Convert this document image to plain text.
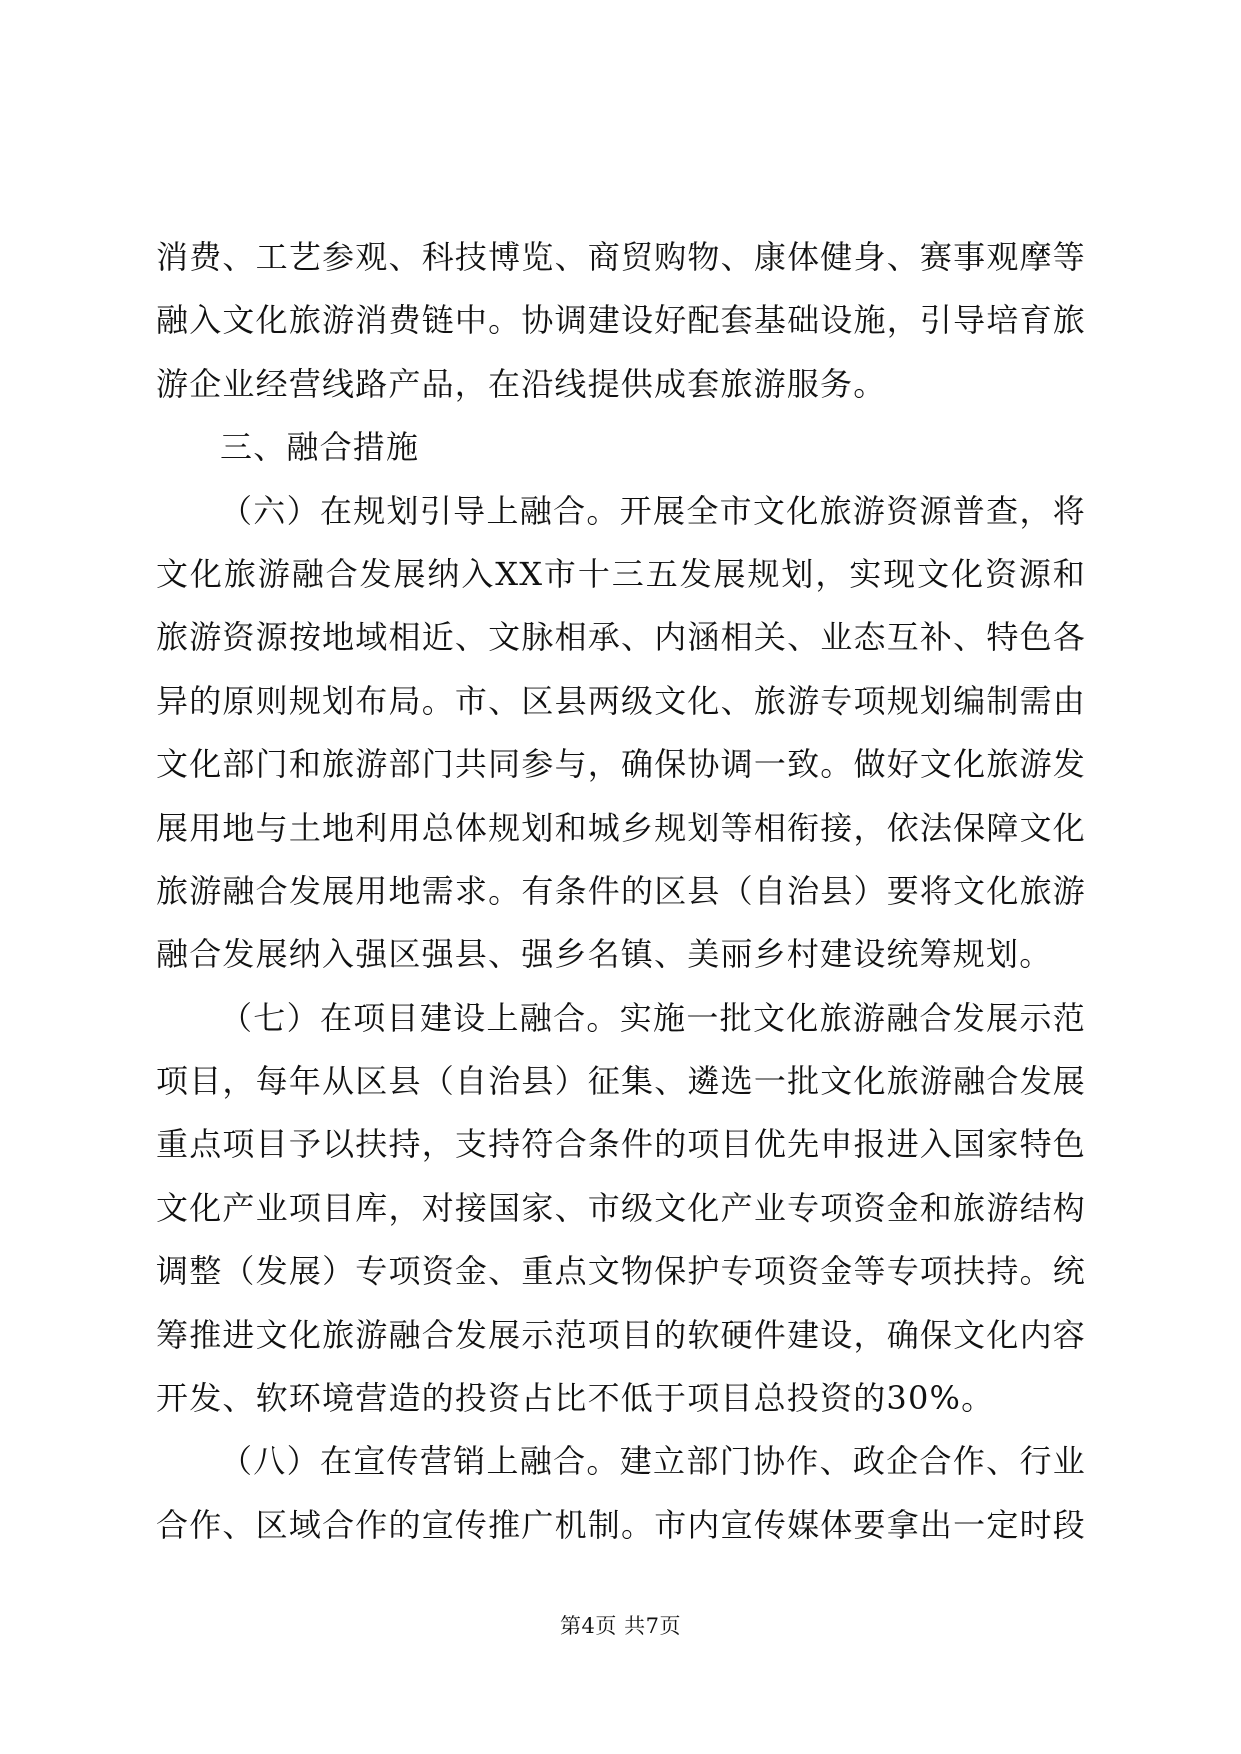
消费、工艺参观、科技博览、商贸购物、康体健身、赛事观摩等
融入文化旅游消费链中。协调建设好配套基础设施，引导培育旅
游企业经营线路产品，在沿线提供成套旅游服务。
三、融合措施
（六）在规划引导上融合。开展全市文化旅游资源普查，将
文化旅游融合发展纳入XX市十三五发展规划，实现文化资源和
旅游资源按地域相近、文脉相承、内涵相关、业态互补、特色各
异的原则规划布局。市、区县两级文化、旅游专项规划编制需由
文化部门和旅游部门共同参与，确保协调一致。做好文化旅游发
展用地与土地利用总体规划和城乡规划等相衔接，依法保障文化
旅游融合发展用地需求。有条件的区县（自治县）要将文化旅游
融合发展纳入强区强县、强乡名镇、美丽乡村建设统筹规划。
（七）在项目建设上融合。实施一批文化旅游融合发展示范
项目，每年从区县（自治县）征集、遴选一批文化旅游融合发展
重点项目予以扶持，支持符合条件的项目优先申报进入国家特色
文化产业项目库，对接国家、市级文化产业专项资金和旅游结构
调整（发展）专项资金、重点文物保护专项资金等专项扶持。统
筹推进文化旅游融合发展示范项目的软硬件建设，确保文化内容
开发、软环境营造的投资占比不低于项目总投资的30%。
（八）在宣传营销上融合。建立部门协作、政企合作、行业
合作、区域合作的宣传推广机制。市内宣传媒体要拿出一定时段
第4页 共7页
